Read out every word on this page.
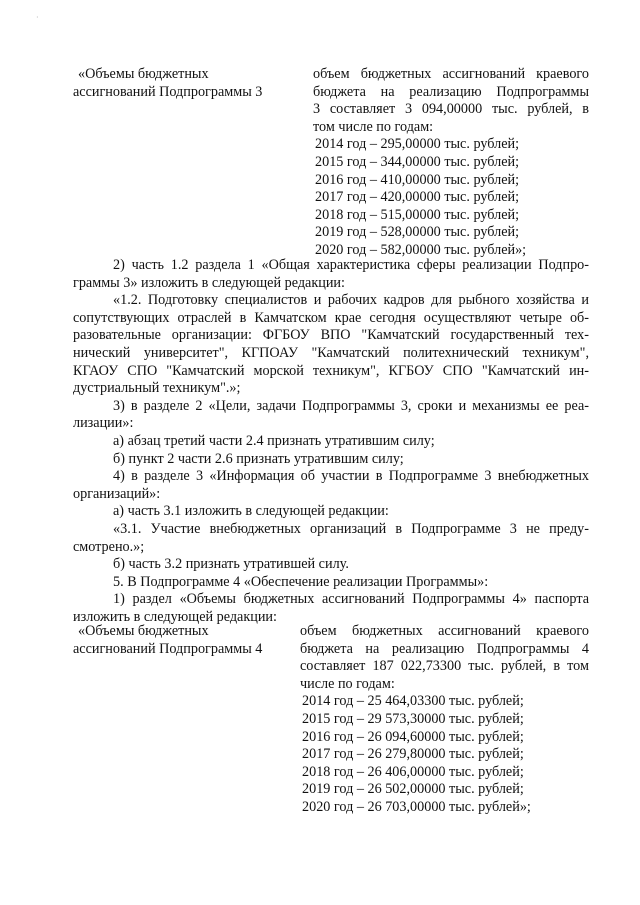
·
«Объемы бюджетных
ассигнований Подпрограммы 3
объем бюджетных ассигнований краевого
бюджета на реализацию Подпрограммы
3 составляет 3 094,00000 тыс. рублей, в
том числе по годам:
2014 год – 295,00000 тыс. рублей;
2015 год – 344,00000 тыс. рублей;
2016 год – 410,00000 тыс. рублей;
2017 год – 420,00000 тыс. рублей;
2018 год – 515,00000 тыс. рублей;
2019 год – 528,00000 тыс. рублей;
2020 год – 582,00000 тыс. рублей»;
2) часть 1.2 раздела 1 «Общая характеристика сферы реализации Подпро-
граммы 3» изложить в следующей редакции:
«1.2. Подготовку специалистов и рабочих кадров для рыбного хозяйства и
сопутствующих отраслей в Камчатском крае сегодня осуществляют четыре об-
разовательные организации: ФГБОУ ВПО "Камчатский государственный тех-
нический университет", КГПОАУ "Камчатский политехнический техникум",
КГАОУ СПО "Камчатский морской техникум", КГБОУ СПО "Камчатский ин-
дустриальный техникум".»;
3) в разделе 2 «Цели, задачи Подпрограммы 3, сроки и механизмы ее реа-
лизации»:
а) абзац третий части 2.4 признать утратившим силу;
б) пункт 2 части 2.6 признать утратившим силу;
4) в разделе 3 «Информация об участии в Подпрограмме 3 внебюджетных
организаций»:
а) часть 3.1 изложить в следующей редакции:
«3.1. Участие внебюджетных организаций в Подпрограмме 3 не преду-
смотрено.»;
б) часть 3.2 признать утратившей силу.
5. В Подпрограмме 4 «Обеспечение реализации Программы»:
1) раздел «Объемы бюджетных ассигнований Подпрограммы 4» паспорта
изложить в следующей редакции:
«Объемы бюджетных
ассигнований Подпрограммы 4
объем бюджетных ассигнований краевого
бюджета на реализацию Подпрограммы 4
составляет 187 022,73300 тыс. рублей, в том
числе по годам:
2014 год – 25 464,03300 тыс. рублей;
2015 год – 29 573,30000 тыс. рублей;
2016 год – 26 094,60000 тыс. рублей;
2017 год – 26 279,80000 тыс. рублей;
2018 год – 26 406,00000 тыс. рублей;
2019 год – 26 502,00000 тыс. рублей;
2020 год – 26 703,00000 тыс. рублей»;
